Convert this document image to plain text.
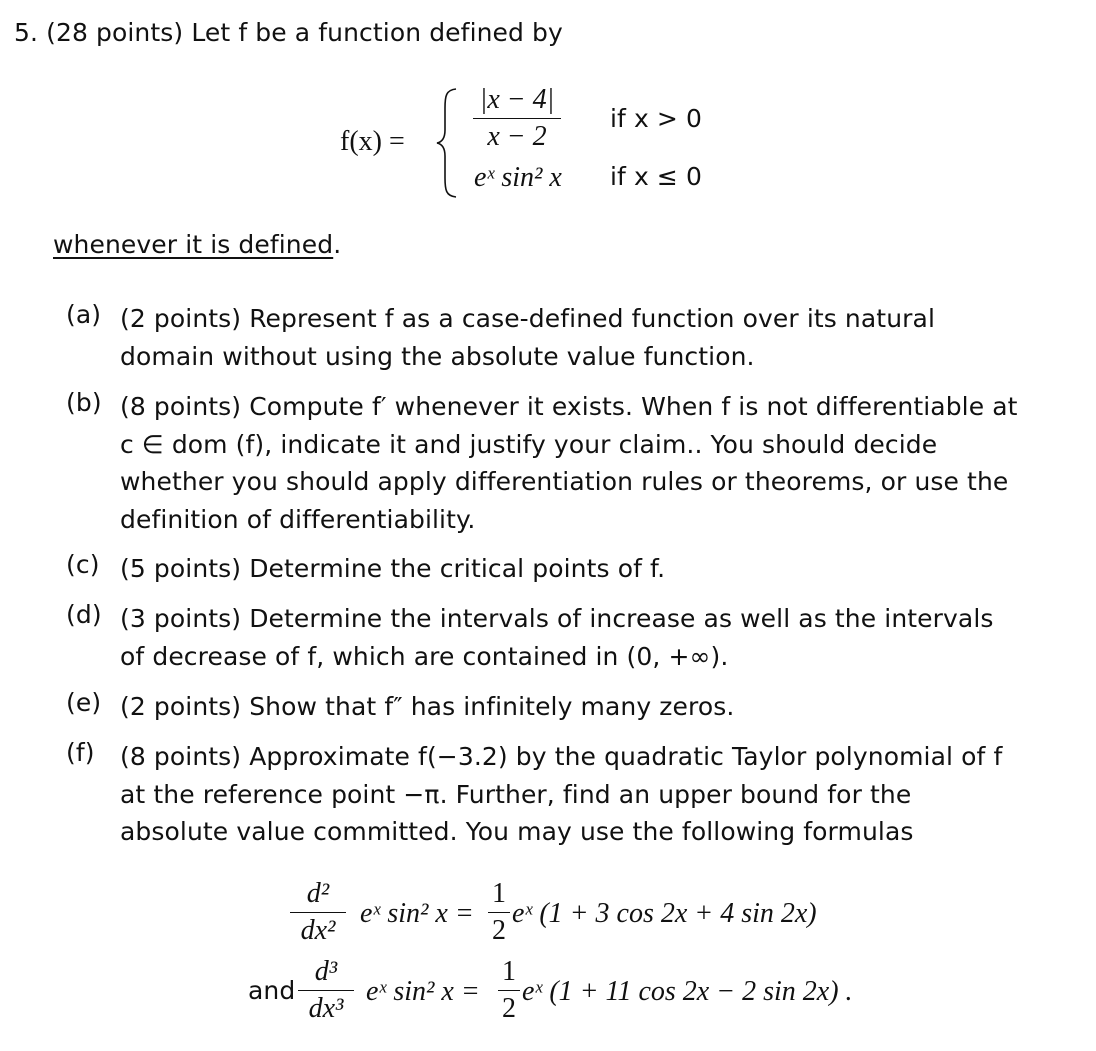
5. (28 points) Let f be a function defined by
$f(x) = \frac{|x - 4|}{x - 2}$ if x > 0
eˣ sin² x if x ≤ 0
whenever it is defined.
(a) (2 points) Represent f as a case-defined function over its natural domain without using the absolute value function.
(b) (8 points) Compute f′ whenever it exists. When f is not differentiable at c ∈ dom (f), indicate it and justify your claim.. You should decide whether you should apply differentiation rules or theorems, or use the definition of differentiability.
(c) (5 points) Determine the critical points of f.
(d) (3 points) Determine the intervals of increase as well as the intervals of decrease of f, which are contained in (0, +∞).
(e) (2 points) Show that f″ has infinitely many zeros.
(f) (8 points) Approximate f(−3.2) by the quadratic Taylor polynomial of f at the reference point −π. Further, find an upper bound for the absolute value committed. You may use the following formulas
$\frac{\text{d²}}{\text{dx²}}$ eˣ sin² $x = \frac{1}{2}$ eˣ (1 + 3 cos 2x + 4 sin 2x)
and $\frac{\text{d³}}{\text{dx³}}$ eˣ sin² $x = \frac{1}{2}$ eˣ (1 + 11 cos 2x − 2 sin 2x) .
